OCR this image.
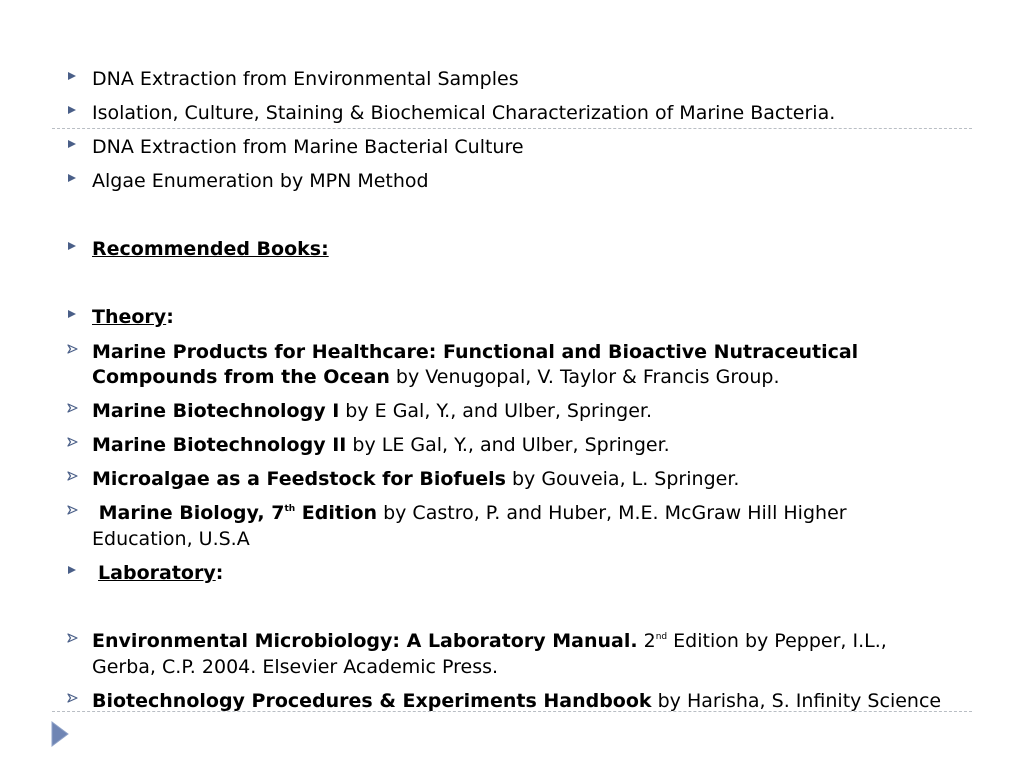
DNA Extraction from Environmental Samples
Isolation, Culture, Staining & Biochemical Characterization of Marine Bacteria.
DNA Extraction from Marine Bacterial Culture
Algae Enumeration by MPN Method
Recommended Books:
Theory:
Marine Products for Healthcare: Functional and Bioactive Nutraceutical
Compounds from the Ocean by Venugopal, V. Taylor & Francis Group.
Marine Biotechnology I by E Gal, Y., and Ulber, Springer.
Marine Biotechnology II by LE Gal, Y., and Ulber, Springer.
Microalgae as a Feedstock for Biofuels by Gouveia, L. Springer.
Marine Biology, 7th Edition by Castro, P. and Huber, M.E. McGraw Hill Higher
Education, U.S.A
Laboratory:
Environmental Microbiology: A Laboratory Manual. 2nd Edition by Pepper, I.L.,
Gerba, C.P. 2004. Elsevier Academic Press.
Biotechnology Procedures & Experiments Handbook by Harisha, S. Infinity Science
